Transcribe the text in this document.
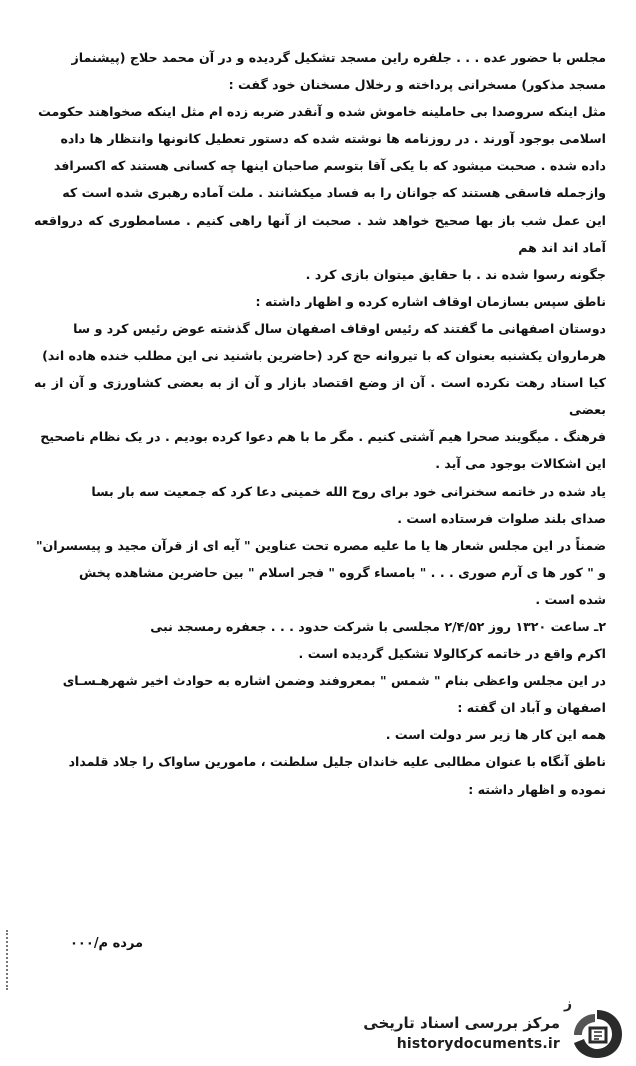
مجلس با حضور عده . . . جلفره راین مسجد تشکیل گردیده و در آن محمد حلاج (پیشنماز

مسجد مذکور) مسخرانی پرداخته و رخلال مسخنان خود گفت :

مثل اینکه سروصدا بی حاملینه خاموش شده و آنقدر ضربه زده ام مثل اینکه صخواهند حکومت

اسلامی بوجود آورند . در روزنامه ها نوشته شده که دستور تعطیل کانونها وانتظار ها داده

داده شده . صحبت میشود که با یکی آقا بتوسم صاحبان اینها چه کسانی هستند که اکسرافد

وازجمله فاسقی هستند که جوانان را به فساد میکشانند . ملت آماده رهبری شده است که

این عمل شب باز بها صحیح خواهد شد . صحبت از آنها راهی کنیم . مسامطوری که درواقعه آماد اند اند هم

جگونه رسوا شده ند . با حقایق میتوان بازی کرد .

ناطق سپس بسازمان اوقاف اشاره کرده و اظهار داشته :

دوستان اصفهانی ما گفتند که رئیس اوقاف اصفهان سال گذشته عوض رئیس کرد و سا

هرماروان یکشنبه بعنوان که با تیروانه حج کرد (حاضرین باشنید نی این مطلب خنده هاده اند)

کیا اسناد رهت نکرده است . آن از وضع اقتصاد بازار و آن از به بعضی کشاورزی و آن از به بعضی

فرهنگ . میگویند صحرا هیم آشتی کنیم . مگر ما با هم دعوا کرده بودیم . در یک نظام ناصحیح

این اشکالات بوجود می آید .

یاد شده در خاتمه سخنرانی خود برای روح الله خمینی دعا کرد که جمعیت سه بار بسا

صدای بلند صلوات فرستاده است .

ضمناً در این مجلس شعار ها یا ما علیه مصره تحت عناوین " آیه ای از قرآن مجید و پیسسران"

و " کور ها ی آرم صوری . . . " بامساء گروه " فجر اسلام " بین حاضرین مشاهده پخش

شده است .

۲ـ ساعت ۱۳۲۰ روز ۲/۴/۵۲ مجلسی با شرکت حدود . . . جعفره رمسجد نبی

اکرم واقع در خاتمه کرکالولا تشکیل گردیده است .

در این مجلس واعظی بنام " شمس " بمعروفند وضمن اشاره به حوادث اخیر شهرهـسـای

اصفهان و آباد ان گفته :

همه این کار ها زیر سر دولت است .

ناطق آنگاه با عنوان مطالبی علیه خاندان جلیل سلطنت ، مامورین ساواک را جلاد قلمداد

نموده و اظهار داشته :

مرده م/۰۰۰
ز
مرکز بررسی اسناد تاریخی
historydocuments.ir
